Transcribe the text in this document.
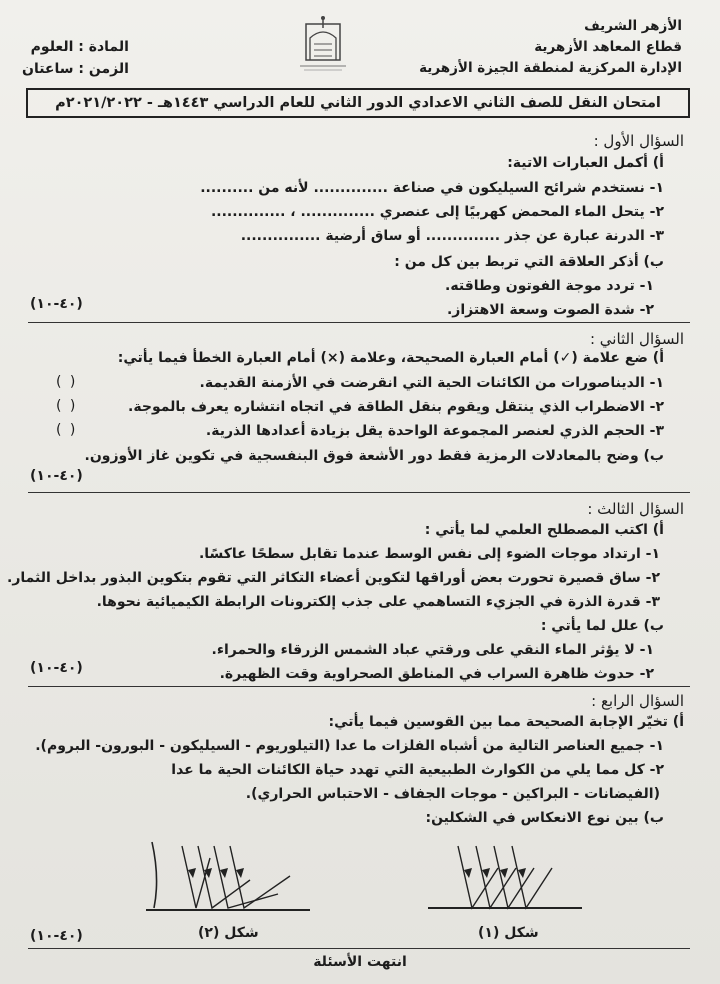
الأزهر الشريف
قطاع المعاهد الأزهرية
الإدارة المركزية لمنطقة الجيزة الأزهرية
المادة : العلوم
الزمن : ساعتان
امتحان النقل للصف الثاني الاعدادي الدور الثاني للعام الدراسي ١٤٤٣هـ - ٢٠٢١/٢٠٢٢م
السؤال الأول :
أ) أكمل العبارات الاتية:
١- نستخدم شرائح السيليكون في صناعة .............. لأنه من ..........
٢- يتحل الماء المحمض كهربيًا إلى عنصري .............. ، ..............
٣- الدرنة عبارة عن جذر .............. أو ساق أرضية ...............
ب) أذكر العلاقة التي تربط بين كل من :
١- تردد موجة الفوتون وطاقته.
٢- شدة الصوت وسعة الاهتزاز.
(٤٠-١٠)
السؤال الثاني :
أ) ضع علامة (✓) أمام العبارة الصحيحة، وعلامة (×) أمام العبارة الخطأ فيما يأتي:
١- الديناصورات من الكائنات الحية التي انقرضت في الأزمنة القديمة.
( )
٢- الاضطراب الذي ينتقل ويقوم بنقل الطاقة في اتجاه انتشاره يعرف بالموجة.
( )
٣- الحجم الذري لعنصر المجموعة الواحدة يقل بزيادة أعدادها الذرية.
( )
ب) وضح بالمعادلات الرمزية فقط دور الأشعة فوق البنفسجية في تكوين غاز الأوزون.
(٤٠-١٠)
السؤال الثالث :
أ) اكتب المصطلح العلمي لما يأتي :
١- ارتداد موجات الضوء إلى نفس الوسط عندما تقابل سطحًا عاكسًا.
٢- ساق قصيرة تحورت بعض أوراقها لتكوين أعضاء التكاثر التي تقوم بتكوين البذور بداخل الثمار.
٣- قدرة الذرة في الجزيء التساهمي على جذب إلكترونات الرابطة الكيميائية نحوها.
ب) علل لما يأتي :
١- لا يؤثر الماء النقي على ورقتي عباد الشمس الزرقاء والحمراء.
٢- حدوث ظاهرة السراب في المناطق الصحراوية وقت الظهيرة.
(٤٠-١٠)
السؤال الرابع :
أ) تخيّر الإجابة الصحيحة مما بين القوسين فيما يأتي:
١- جميع العناصر التالية من أشباه الفلزات ما عدا (التيلوريوم - السيليكون - البورون- البروم).
٢- كل مما يلي من الكوارث الطبيعية التي تهدد حياة الكائنات الحية ما عدا
(الفيضانات - البراكين - موجات الجفاف - الاحتباس الحراري).
ب) بين نوع الانعكاس في الشكلين:
شكل (١)
شكل (٢)
(٤٠-١٠)
انتهت الأسئلة
